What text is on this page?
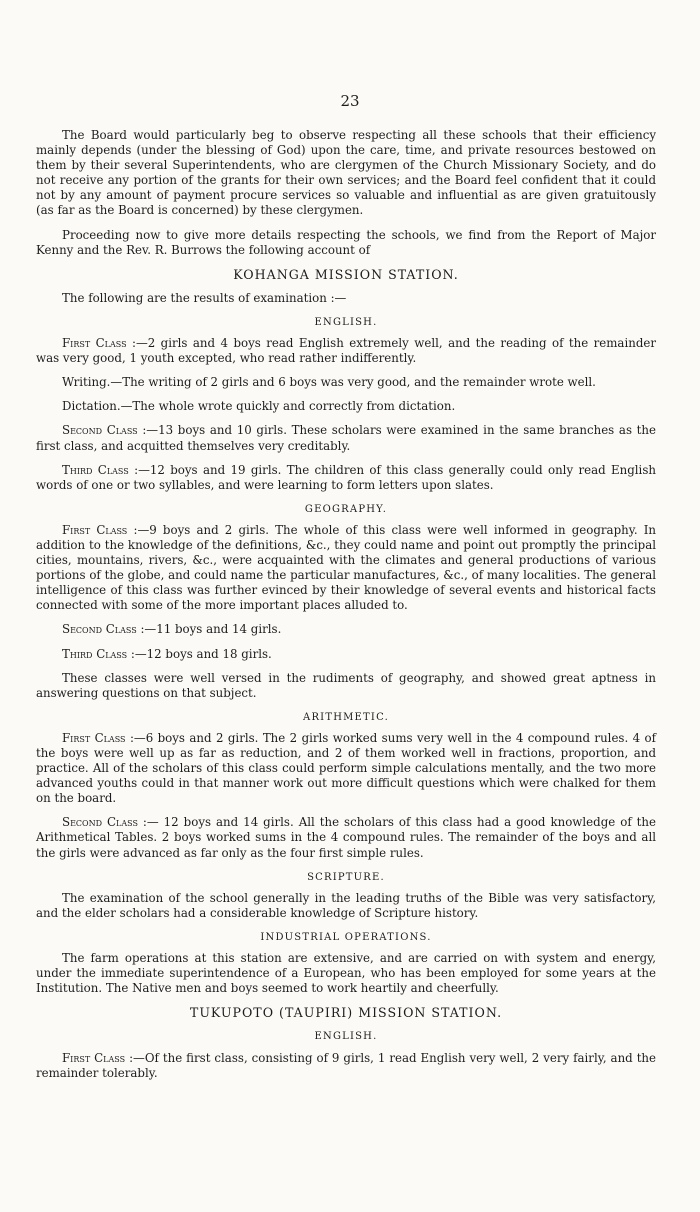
23

The Board would particularly beg to observe respecting all these schools that their efficiency mainly depends (under the blessing of God) upon the care, time, and private resources bestowed on them by their several Superintendents, who are clergymen of the Church Missionary Society, and do not receive any portion of the grants for their own services; and the Board feel confident that it could not by any amount of payment procure services so valuable and influential as are given gratuitously (as far as the Board is concerned) by these clergymen.

Proceeding now to give more details respecting the schools, we find from the Report of Major Kenny and the Rev. R. Burrows the following account of

KOHANGA MISSION STATION.

The following are the results of examination :—

ENGLISH.

First Class :—2 girls and 4 boys read English extremely well, and the reading of the remainder was very good, 1 youth excepted, who read rather indifferently.

Writing.—The writing of 2 girls and 6 boys was very good, and the remainder wrote well.

Dictation.—The whole wrote quickly and correctly from dictation.

Second Class :—13 boys and 10 girls. These scholars were examined in the same branches as the first class, and acquitted themselves very creditably.

Third Class :—12 boys and 19 girls. The children of this class generally could only read English words of one or two syllables, and were learning to form letters upon slates.

GEOGRAPHY.

First Class :—9 boys and 2 girls. The whole of this class were well informed in geography. In addition to the knowledge of the definitions, &c., they could name and point out promptly the principal cities, mountains, rivers, &c., were acquainted with the climates and general productions of various portions of the globe, and could name the particular manufactures, &c., of many localities. The general intelligence of this class was further evinced by their knowledge of several events and historical facts connected with some of the more important places alluded to.

Second Class :—11 boys and 14 girls.

Third Class :—12 boys and 18 girls.

These classes were well versed in the rudiments of geography, and showed great aptness in answering questions on that subject.

ARITHMETIC.

First Class :—6 boys and 2 girls. The 2 girls worked sums very well in the 4 compound rules. 4 of the boys were well up as far as reduction, and 2 of them worked well in fractions, proportion, and practice. All of the scholars of this class could perform simple calculations mentally, and the two more advanced youths could in that manner work out more difficult questions which were chalked for them on the board.

Second Class :— 12 boys and 14 girls. All the scholars of this class had a good knowledge of the Arithmetical Tables. 2 boys worked sums in the 4 compound rules. The remainder of the boys and all the girls were advanced as far only as the four first simple rules.

SCRIPTURE.

The examination of the school generally in the leading truths of the Bible was very satisfactory, and the elder scholars had a considerable knowledge of Scripture history.

INDUSTRIAL OPERATIONS.

The farm operations at this station are extensive, and are carried on with system and energy, under the immediate superintendence of a European, who has been employed for some years at the Institution. The Native men and boys seemed to work heartily and cheerfully.

TUKUPOTO (TAUPIRI) MISSION STATION.
ENGLISH.

First Class :—Of the first class, consisting of 9 girls, 1 read English very well, 2 very fairly, and the remainder tolerably.
